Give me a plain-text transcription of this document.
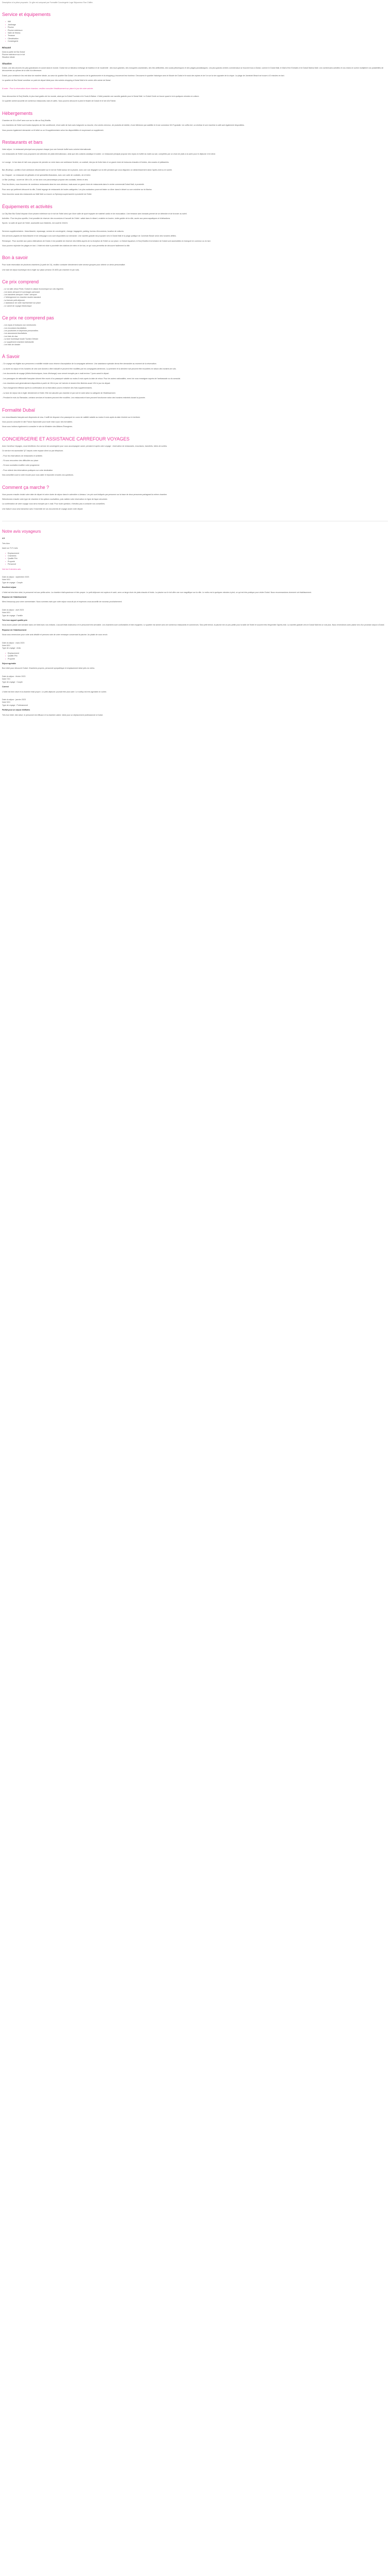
Description à la pièce proposée. Ce gîte est composé par Formalité Conciergerie Loge Séjourneur Rue Chiffre.

Service et équipements
• Wifi
• Jardinage
• Piscine
• Piscine extérieure
• Salle de fitness
• Terrasse
• Climatisation
• Conciergerie
Résumé

Dans la partie de Bar Dubaï

Piscine extérieure sur le toit

Situation idéale

Situation

Dubaï, une des oeuvres les plus grandioses en avant dans le monde. Dubaï est un fabuleux mélange de tradition et de modernité : des tours géantes, des mosquées ancestrales, des îles artificielles, des souks pittoresques et des plages paradisiaques. Les plus grands centres commerciaux se trouvent tous à Dubaï, comme le Dubaï Mall, le Mall of the Emirates et le Dubaï Marina Mall. Les nombreuses activités et nos mises en scène multiplient vos possibilités de découvertes au rythme de la ville à la démesure.

Dubaï, pour certains le lieu est situé de manière idéale, au cœur du quartier Bar Dubaï. Les amoureux de la gastronomie et du shopping y trouveront leur bonheur. Découvrez le quartier historique avec le Musée de Dubaï et le souk des épices et de l'or sur la rive opposée de la crique. La plage de Jumeirah Beach se trouve à 10 minutes en taxi.

Le quartier de Bar Dubaï constitue un point de départ idéal pour des soirées shopping à Dubaï Mall et le centre-ville animé de Dubaï.

À noter : Pour la réservation d'une chambre, veuillez consulter l'établissement sur place le jour de votre arrivée.

Vous découvrirez le Burj Khalifa, le plus haut gratte-ciel du monde, ainsi que la Dubaï Fountain et le Souk Al Bahar. L'hôtel possède une navette gratuite pour le Dubaï Mall. Le Dubaï Creek se trouve quant à lui à quelques minutes en voiture.

Ce quartier animé accueille de nombreux restaurants, bars et cafés. Vous pourrez découvrir à pied le Musée de Dubaï et le fort d'Al Fahidi.

Hébergements

Chambre de 30 à 40m² avec vue sur la ville ou Burj Khalifa.

Les chambres de l'hôtel sont toutes équipées de l'air conditionné, d'une salle de bain avec baignoire ou douche, d'un sèche-cheveux, de produits de toilette, d'une télévision par satellite et d'une connexion Wi-Fi gratuite. Un coffre-fort, un minibar et une machine à café sont également disponibles.

Vous pouvez également demander un lit bébé ou un lit supplémentaire selon les disponibilités et moyennant un supplément.

Restaurants et bars

Votre séjour : le restaurant principal vous propose chaque jour une formule buffet avec cuisine internationale.

Les restaurants de l'hôtel vous proposent une sélection de plats internationaux, ainsi que des cuisines asiatique et arabe. Le restaurant principal propose des repas en buffet du matin au soir, complétés par un choix de plats à la carte pour le déjeuner et le dîner.

Le Lounge : le bar dans le hall vous propose de prendre un verre dans une ambiance feutrée, un cocktail, des jus de fruits frais et un grand choix de boissons chaudes et froides, des snacks et pâtisseries.

Bar (Rooftop) : profitez d'une ambiance décontractée sur le toit de l'hôtel autour de la piscine, avec une vue dégagée sur la ville pendant que vous dégustez un rafraîchissement dans l'après-midi ou en soirée.

Au Chaparé : un restaurant de grillades et de spécialités libanaises, avec une carte de cocktails, vin et bière.

Le Bar (rooftop) : ouvert de 16h à 2h, ce bar avec vue panoramique propose des cocktails, bières et vins.

Pour les dîners, vous trouverez de nombreux restaurants dans les rues alentour, mais aussi un grand choix de restaurants dans le centre commercial Dubaï Mall, à proximité.

Pour ceux qui préfèrent découvrir la ville, Dubaï regorge de restaurants de toutes catégories. Les plus audacieux pourront tester un dîner dans le désert ou une croisière sur la Marina.

Vous trouverez aussi des restaurants au Wafi Mall ou encore un Spinneys supermarché à proximité de l'hôtel.

Équipements et activités

La City Max Bur Dubaï dispose d'une piscine extérieure sur le toit de l'hôtel ainsi que d'une salle de sport équipée de matériel cardio et de musculation. Une terrasse avec transats permet de se détendre et de bronzer au soleil.

Activités : Pour les plus sportifs, il est possible de réserver des excursions à l'accueil de l'hôtel : safari dans le désert, croisière en boutre, visite guidée de la ville, accès aux parcs aquatiques et d'attractions.

Sports : la salle de sport de l'hôtel, accessible aux résidents, est ouverte 24h/24.

Services supplémentaires : blanchisserie, repassage, service de conciergerie, change, bagagerie, parking, bureau d'excursions, location de voitures.

Des services payants de blanchisserie et de nettoyage à sec sont disponibles sur demande. Une navette gratuite est proposée vers le Dubaï Mall et la plage publique de Jumeirah Beach selon des horaires définis.

Remarque : Pour accéder aux parcs d'attractions de Dubaï, il est possible de réserver des billets auprès de la réception de l'hôtel ou sur place. Le Dubaï Aquarium, le Burj Khalifa et la fontaine de Dubaï sont accessibles en transport en commun ou en taxi.

Vous pourrez rejoindre les plages en taxi. L'hôtel est situé à proximité des stations de métro et de bus, ce qui vous permettra de découvrir facilement la ville.

Bon à savoir

Pour toute réservation de plusieurs chambres (à partir de 10), veuillez contacter directement notre service groupes pour obtenir un devis personnalisé.

Une taxe de séjour touristique est à régler sur place (environ 20 AED par chambre et par nuit).

Ce prix comprend
- Le vol aller-retour Paris / Dubaï en classe économique sur vols réguliers
- Les taxes aéroport et surcharges carburant
- Les transferts aéroport / hôtel / aéroport
- L'hébergement en chambre double standard
- La formule petit-déjeuner
- L'assistance de notre représentant sur place
- Le carnet de voyage électronique
Ce prix ne comprend pas
- Les repas et boissons non mentionnés
- Les excursions facultatives
- Les pourboires et dépenses personnelles
- Les assurances facultatives
- Les frais de visa
- La taxe touristique locale Tourism Dirham
- Le supplément chambre individuelle
- Les frais de dossier
À Savoir

- Ce voyage est éligible aux personnes à mobilité réduite sous réserve d'acceptation de la compagnie aérienne. Une assistance spéciale devra être demandée au moment de la réservation.

- La durée du séjour et les horaires de vols sont donnés à titre indicatif et peuvent être modifiés par les compagnies aériennes. La première et la dernière nuit peuvent être écourtées en raison des horaires de vols.

- Les documents de voyage (billets électroniques, bons d'échange) vous seront envoyés par e-mail environ 7 jours avant le départ.

- Les passagers de nationalité française doivent être munis d'un passeport valable au moins 6 mois après la date de retour. Pour les autres nationalités, merci de vous renseigner auprès de l'ambassade ou du consulat.

- Les chambres sont généralement disponibles à partir de 15h le jour de l'arrivée et doivent être libérées avant 12h le jour du départ.

- Tout changement effectué après la confirmation de la réservation pourra entraîner des frais supplémentaires.

- La taxe de séjour est à régler directement à l'hôtel. Elle est calculée par chambre et par nuit et varie selon la catégorie de l'établissement.

- Pendant le mois du Ramadan, certains services et horaires peuvent être modifiés. Les restaurants et bars peuvent fonctionner selon des horaires restreints durant la journée.

Formalité Dubaï

Les ressortissants français sont dispensés de visa. Il suffit de disposer d'un passeport en cours de validité valable au moins 6 mois après la date d'entrée sur le territoire.

Vous pouvez consulter le site France Diplomatie pour toute mise à jour des formalités.

Nous vous invitons également à consulter le site du Ministère des Affaires Étrangères.

CONCIERGERIE ET ASSISTANCE CARREFOUR VOYAGES

Avec Carrefour Voyages, vous bénéficiez d'un service de conciergerie pour vous accompagner avant, pendant et après votre voyage : réservation de restaurants, excursions, transferts, idées de sorties.

Ce service est accessible 7j/7 depuis votre espace client ou par téléphone.

- Pour les réservations de restaurants et activités

- Si vous rencontrez des difficultés sur place

- Si vous souhaitez modifier votre programme

- Pour obtenir des informations pratiques sur votre destination

Nos conseillers sont à votre écoute pour vous aider et répondre à toutes vos questions.

Comment ça marche ?

Vous pouvez ensuite choisir votre date de départ et votre durée de séjour dans le calendrier ci-dessus. Les prix sont indiqués par personne sur la base de deux personnes partageant la même chambre.

Sélectionnez ensuite votre type de chambre et les options souhaitées, puis validez votre réservation en ligne de façon sécurisée.

La confirmation de votre voyage vous sera envoyée par e-mail. Pour toute question, n'hésitez pas à contacter nos conseillers.

Une facture vous sera transmise avec l'ensemble de vos documents de voyage avant votre départ.

Notre avis voyageurs

4.5

Très bien

basé sur 7171 Avis

• Emplacement
• Chambres
• Qualité-Prix
• Propreté
• Personnel

Voir les 5 derniers avis

Date du séjour : septembre 2023

Note 9/10

Type de voyage : Couple

Excellent séjour

L'hôtel est très bien situé, le personnel est aux petits soins. La chambre était spacieuse et très propre. Le petit-déjeuner est copieux et varié, avec un large choix de plats chauds et froids. La piscine sur le toit offre une vue magnifique sur la ville. Le métro est à quelques minutes à pied, ce qui est très pratique pour visiter Dubaï. Nous recommandons vivement cet établissement.

Réponse de l'établissement

Merci beaucoup pour votre commentaire. Nous sommes ravis que votre séjour vous ait plu et espérons vous accueillir de nouveau prochainement.

Date du séjour : avril 2023

Note 8/10

Type de voyage : Famille

Très bon rapport qualité-prix

Nous avons passé une semaine dans cet hôtel avec nos enfants. L'accueil était chaleureux et le personnel très serviable. Les chambres sont confortables et bien équipées. Le quartier est animé avec de nombreux restaurants et commerces. Seul petit bémol, la piscine est un peu petite pour la taille de l'hôtel et souvent très fréquentée l'après-midi. La navette gratuite vers le Dubaï Mall est un vrai plus. Nous reviendrons avec plaisir lors d'un prochain séjour à Dubaï.

Réponse de l'établissement

Nous vous remercions pour votre avis détaillé et prenons note de votre remarque concernant la piscine. Au plaisir de vous revoir.

Date du séjour : mars 2023

Note 8/10

Type de voyage : Amis

• Emplacement
• Qualité-Prix
• Propreté

Séjour agréable

Bon hôtel pour découvrir Dubaï. Chambres propres, personnel sympathique et emplacement idéal près du métro.

Date du séjour : février 2023

Note 7/10

Type de voyage : Couple

Correct

L'hôtel est bien situé et la chambre était propre. Le petit-déjeuner pourrait être plus varié. Le rooftop est très agréable en soirée.

Date du séjour : janvier 2023

Note 9/10

Type de voyage : Professionnel

Parfait pour un séjour d'affaires

Très bon hôtel, bien situé, le personnel est efficace et la chambre calme. Idéal pour un déplacement professionnel à Dubaï.
